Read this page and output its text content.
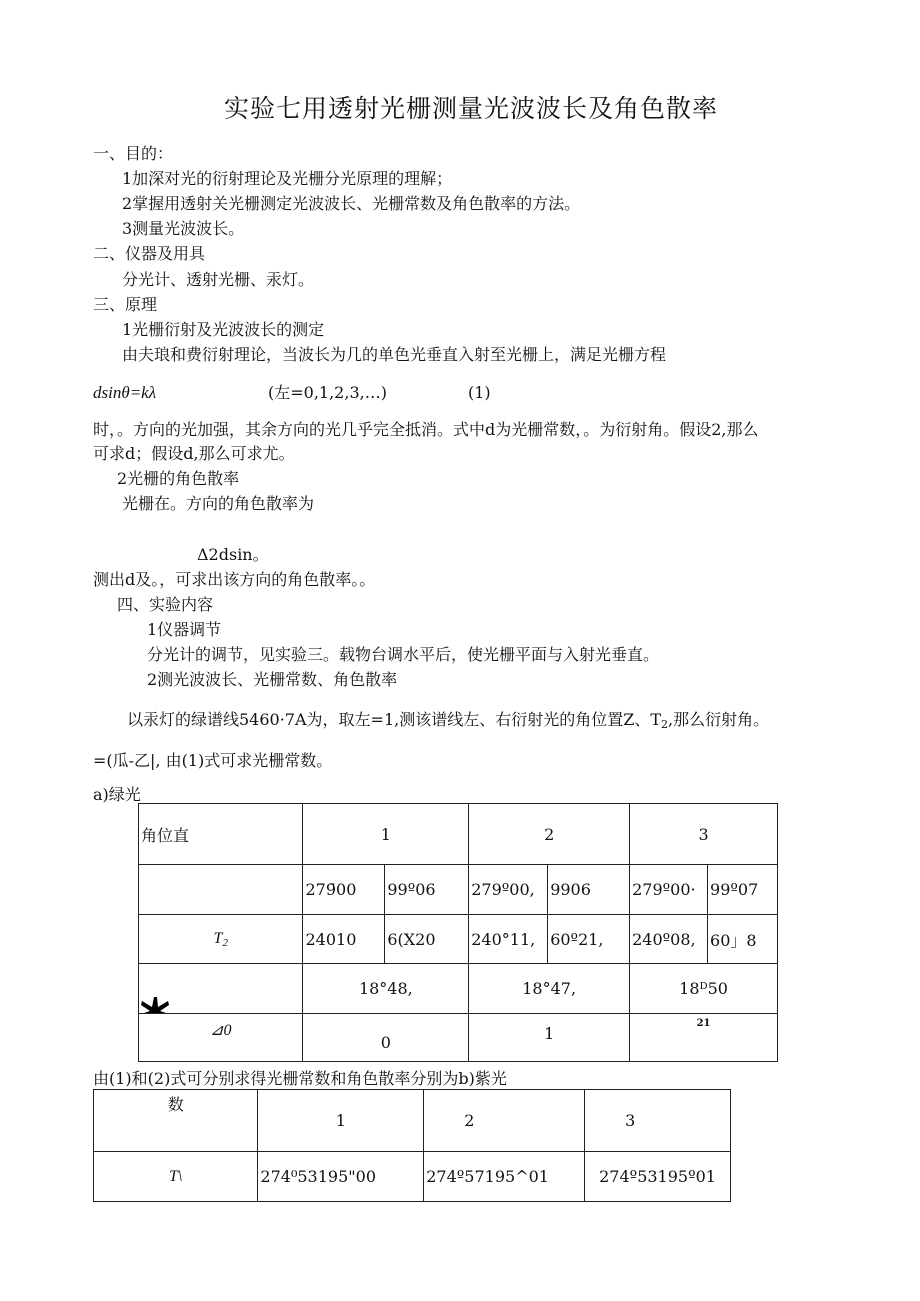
实验七用透射光栅测量光波波长及角色散率
一、目的：
1加深对光的衍射理论及光栅分光原理的理解；
2掌握用透射关光栅测定光波波长、光栅常数及角色散率的方法。
3测量光波波长。
二、仪器及用具
分光计、透射光栅、汞灯。
三、原理
1光栅衍射及光波波长的测定
由夫琅和费衍射理论，当波长为几的单色光垂直入射至光栅上，满足光栅方程
dsinθ=kλ	(左=0,1,2,3,…)	(1)
时，。方向的光加强，其余方向的光几乎完全抵消。式中d为光栅常数，。为衍射角。假设2,那么
可求d；假设d,那么可求尤。
2光栅的角色散率
光栅在。方向的角色散率为
Δ2dsin。
测出d及。，可求出该方向的角色散率。。
四、实验内容
1仪器调节
分光计的调节，见实验三。载物台调水平后，使光栅平面与入射光垂直。
2测光波波长、光栅常数、角色散率
以汞灯的绿谱线5460·7A为，取左=1,测该谱线左、右衍射光的角位置Z、$T_2$,那么衍射角。
=(瓜-乙|, 由(1)式可求光栅常数。
a)绿光
角位直	1		2		3	
	279̄00	99º06	279º00,	9906	279º00·	99º07
$T_2$	24010	6(X20	240°11,	60º21,	240º08,	60」8
	18°48,		18°47,		18ᴰ50	
⊿0	0		1		21	
由(1)和(2)式可分别求得光栅常数和角色散率分别为b)紫光
数	1	2	3
T\	274⁰53195"00	274º57195^01	274º53195º01
